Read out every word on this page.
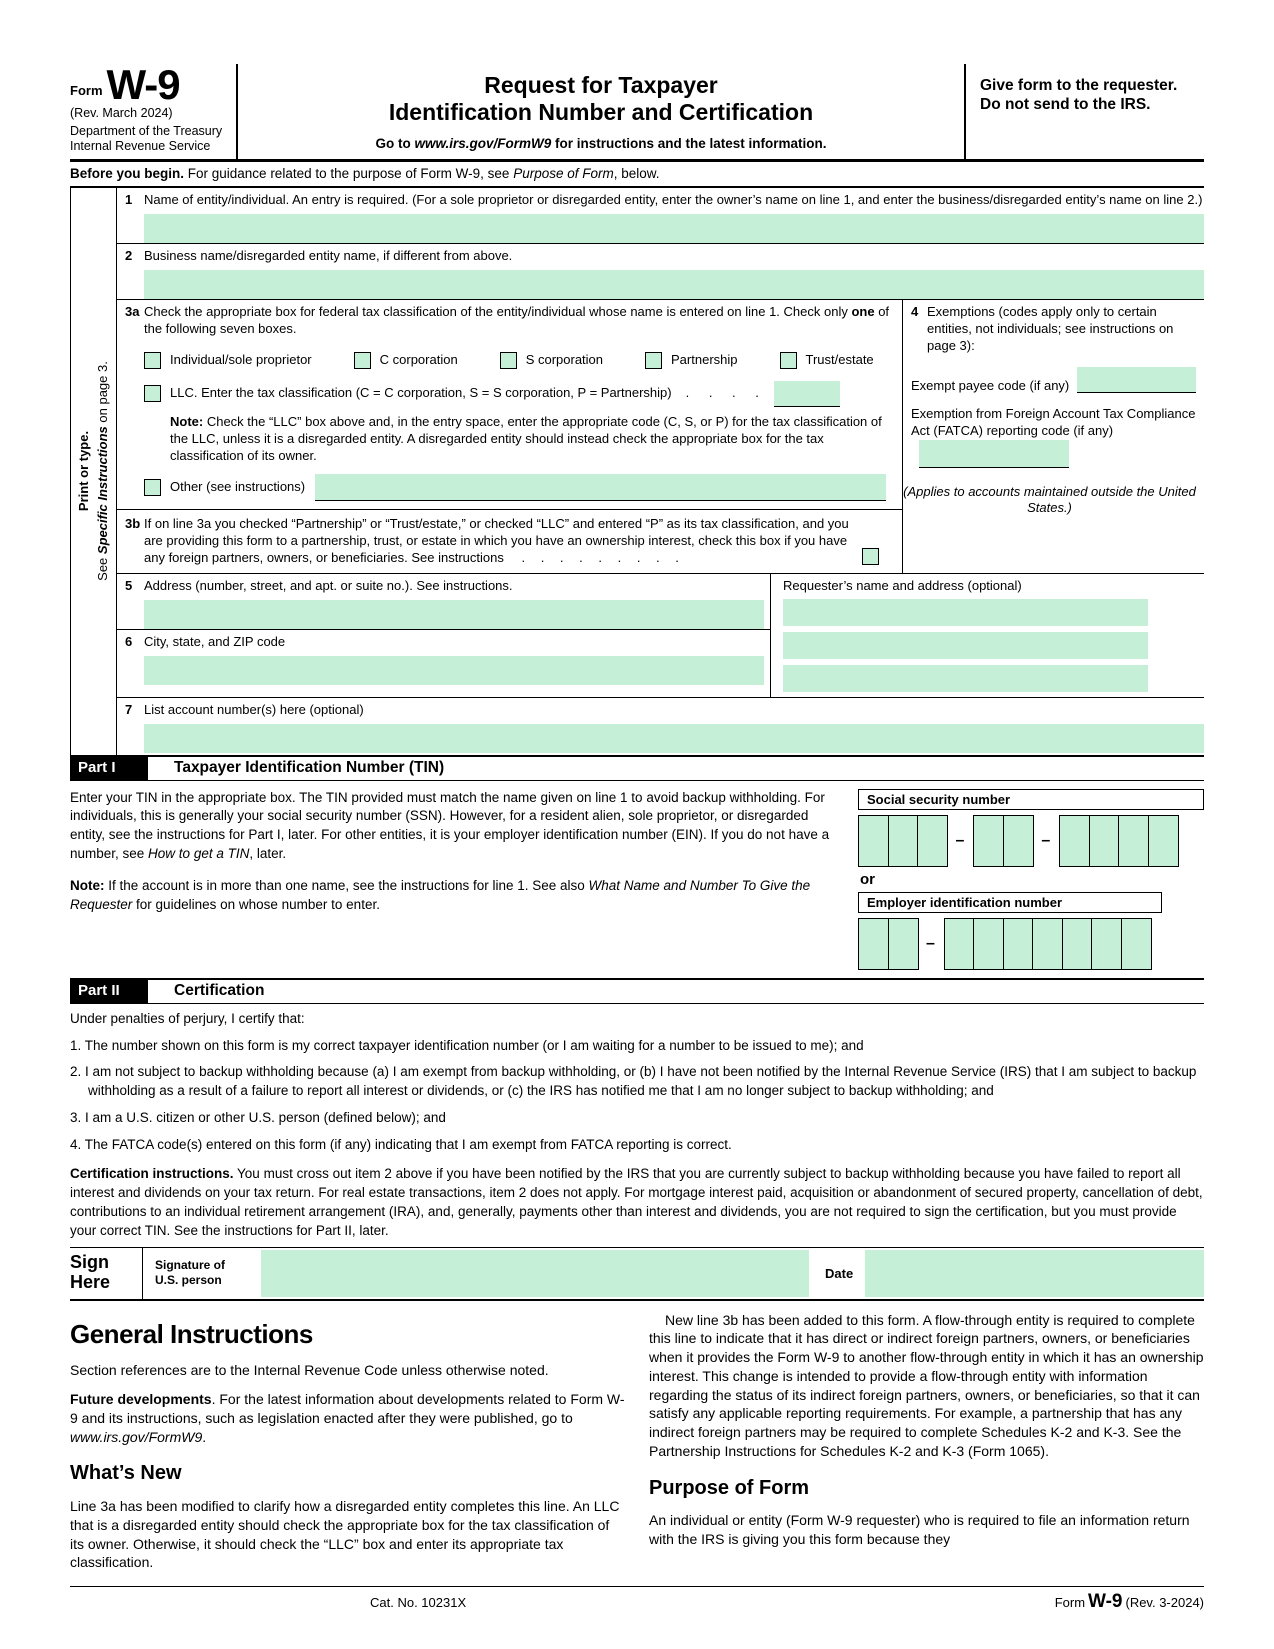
Form W-9
(Rev. March 2024)
Department of the Treasury
Internal Revenue Service
Request for Taxpayer
Identification Number and Certification
Go to www.irs.gov/FormW9 for instructions and the latest information.
Give form to the requester. Do not send to the IRS.
Before you begin. For guidance related to the purpose of Form W-9, see Purpose of Form, below.
Print or type.
See Specific Instructions on page 3.
1 Name of entity/individual. An entry is required. (For a sole proprietor or disregarded entity, enter the owner’s name on line 1, and enter the business/disregarded entity’s name on line 2.)
2 Business name/disregarded entity name, if different from above.
3a Check the appropriate box for federal tax classification of the entity/individual whose name is entered on line 1. Check only one of the following seven boxes.
Individual/sole proprietor	C corporation	S corporation	Partnership	Trust/estate
LLC. Enter the tax classification (C = C corporation, S = S corporation, P = Partnership) . . . .
Note: Check the “LLC” box above and, in the entry space, enter the appropriate code (C, S, or P) for the tax classification of the LLC, unless it is a disregarded entity. A disregarded entity should instead check the appropriate box for the tax classification of its owner.
Other (see instructions)
3b If on line 3a you checked “Partnership” or “Trust/estate,” or checked “LLC” and entered “P” as its tax classification, and you are providing this form to a partnership, trust, or estate in which you have an ownership interest, check this box if you have any foreign partners, owners, or beneficiaries. See instructions . . . . . . . . .
4 Exemptions (codes apply only to certain entities, not individuals; see instructions on page 3):
Exempt payee code (if any)
Exemption from Foreign Account Tax Compliance Act (FATCA) reporting code (if any)
(Applies to accounts maintained outside the United States.)
5 Address (number, street, and apt. or suite no.). See instructions.
6 City, state, and ZIP code
Requester’s name and address (optional)
7 List account number(s) here (optional)
Part I	Taxpayer Identification Number (TIN)

Enter your TIN in the appropriate box. The TIN provided must match the name given on line 1 to avoid backup withholding. For individuals, this is generally your social security number (SSN). However, for a resident alien, sole proprietor, or disregarded entity, see the instructions for Part I, later. For other entities, it is your employer identification number (EIN). If you do not have a number, see How to get a TIN, later.

Note: If the account is in more than one name, see the instructions for line 1. See also What Name and Number To Give the Requester for guidelines on whose number to enter.

Social security number
–	–
or
Employer identification number
–
Part II	Certification

Under penalties of perjury, I certify that:

1. The number shown on this form is my correct taxpayer identification number (or I am waiting for a number to be issued to me); and

2. I am not subject to backup withholding because (a) I am exempt from backup withholding, or (b) I have not been notified by the Internal Revenue Service (IRS) that I am subject to backup withholding as a result of a failure to report all interest or dividends, or (c) the IRS has notified me that I am no longer subject to backup withholding; and

3. I am a U.S. citizen or other U.S. person (defined below); and

4. The FATCA code(s) entered on this form (if any) indicating that I am exempt from FATCA reporting is correct.

Certification instructions. You must cross out item 2 above if you have been notified by the IRS that you are currently subject to backup withholding because you have failed to report all interest and dividends on your tax return. For real estate transactions, item 2 does not apply. For mortgage interest paid, acquisition or abandonment of secured property, cancellation of debt, contributions to an individual retirement arrangement (IRA), and, generally, payments other than interest and dividends, you are not required to sign the certification, but you must provide your correct TIN. See the instructions for Part II, later.

Sign
Here
Signature of
U.S. person	Date
General Instructions

Section references are to the Internal Revenue Code unless otherwise noted.

Future developments. For the latest information about developments related to Form W-9 and its instructions, such as legislation enacted after they were published, go to www.irs.gov/FormW9.

What’s New

Line 3a has been modified to clarify how a disregarded entity completes this line. An LLC that is a disregarded entity should check the appropriate box for the tax classification of its owner. Otherwise, it should check the “LLC” box and enter its appropriate tax classification.

New line 3b has been added to this form. A flow-through entity is required to complete this line to indicate that it has direct or indirect foreign partners, owners, or beneficiaries when it provides the Form W-9 to another flow-through entity in which it has an ownership interest. This change is intended to provide a flow-through entity with information regarding the status of its indirect foreign partners, owners, or beneficiaries, so that it can satisfy any applicable reporting requirements. For example, a partnership that has any indirect foreign partners may be required to complete Schedules K-2 and K-3. See the Partnership Instructions for Schedules K-2 and K-3 (Form 1065).

Purpose of Form

An individual or entity (Form W-9 requester) who is required to file an information return with the IRS is giving you this form because they

Cat. No. 10231X	Form W-9 (Rev. 3-2024)
